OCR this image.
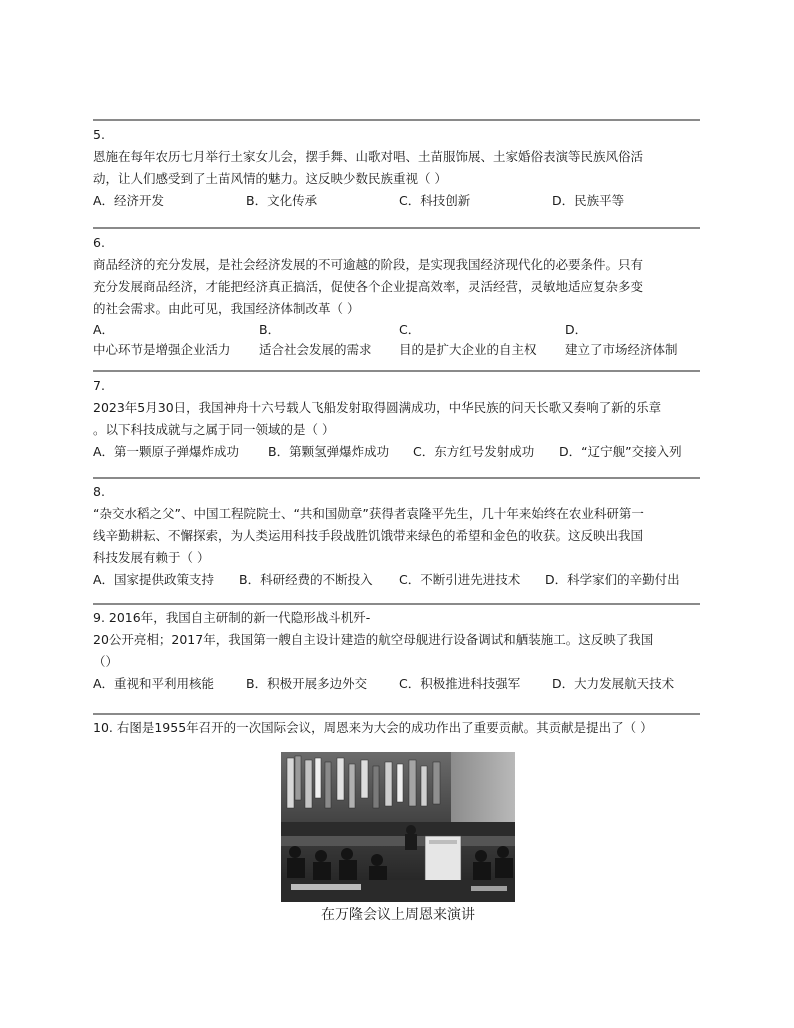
5.

恩施在每年农历七月举行土家女儿会，摆手舞、山歌对唱、土苗服饰展、土家婚俗表演等民族风俗活

动，让人们感受到了土苗风情的魅力。这反映少数民族重视（ ）

A．经济开发	B．文化传承	C．科技创新	D．民族平等

6.

商品经济的充分发展，是社会经济发展的不可逾越的阶段，是实现我国经济现代化的必要条件。只有

充分发展商品经济，才能把经济真正搞活，促使各个企业提高效率，灵活经营，灵敏地适应复杂多变

的社会需求。由此可见，我国经济体制改革（ ）

A．
中心环节是增强企业活力
B．
适合社会发展的需求
C．
目的是扩大企业的自主权
D．
建立了市场经济体制

7.

2023年5月30日，我国神舟十六号载人飞船发射取得圆满成功，中华民族的问天长歌又奏响了新的乐章

。以下科技成就与之属于同一领域的是（ ）

A．第一颗原子弹爆炸成功 B．第颗氢弹爆炸成功 C．东方红号发射成功 D．“辽宁舰”交接入列

8.

“杂交水稻之父”、中国工程院院士、“共和国勋章”获得者袁隆平先生，几十年来始终在农业科研第一

线辛勤耕耘、不懈探索，为人类运用科技手段战胜饥饿带来绿色的希望和金色的收获。这反映出我国

科技发展有赖于（ ）

A．国家提供政策支持 B．科研经费的不断投入 C．不断引进先进技术 D．科学家们的辛勤付出

9. 2016年，我国自主研制的新一代隐形战斗机歼-

20公开亮相；2017年，我国第一艘自主设计建造的航空母舰进行设备调试和舾装施工。这反映了我国

（）

A．重视和平利用核能	B．积极开展多边外交	C．积极推进科技强军	D．大力发展航天技术

10. 右图是1955年召开的一次国际会议，周恩来为大会的成功作出了重要贡献。其贡献是提出了（ ）

在万隆会议上周恩来演讲
